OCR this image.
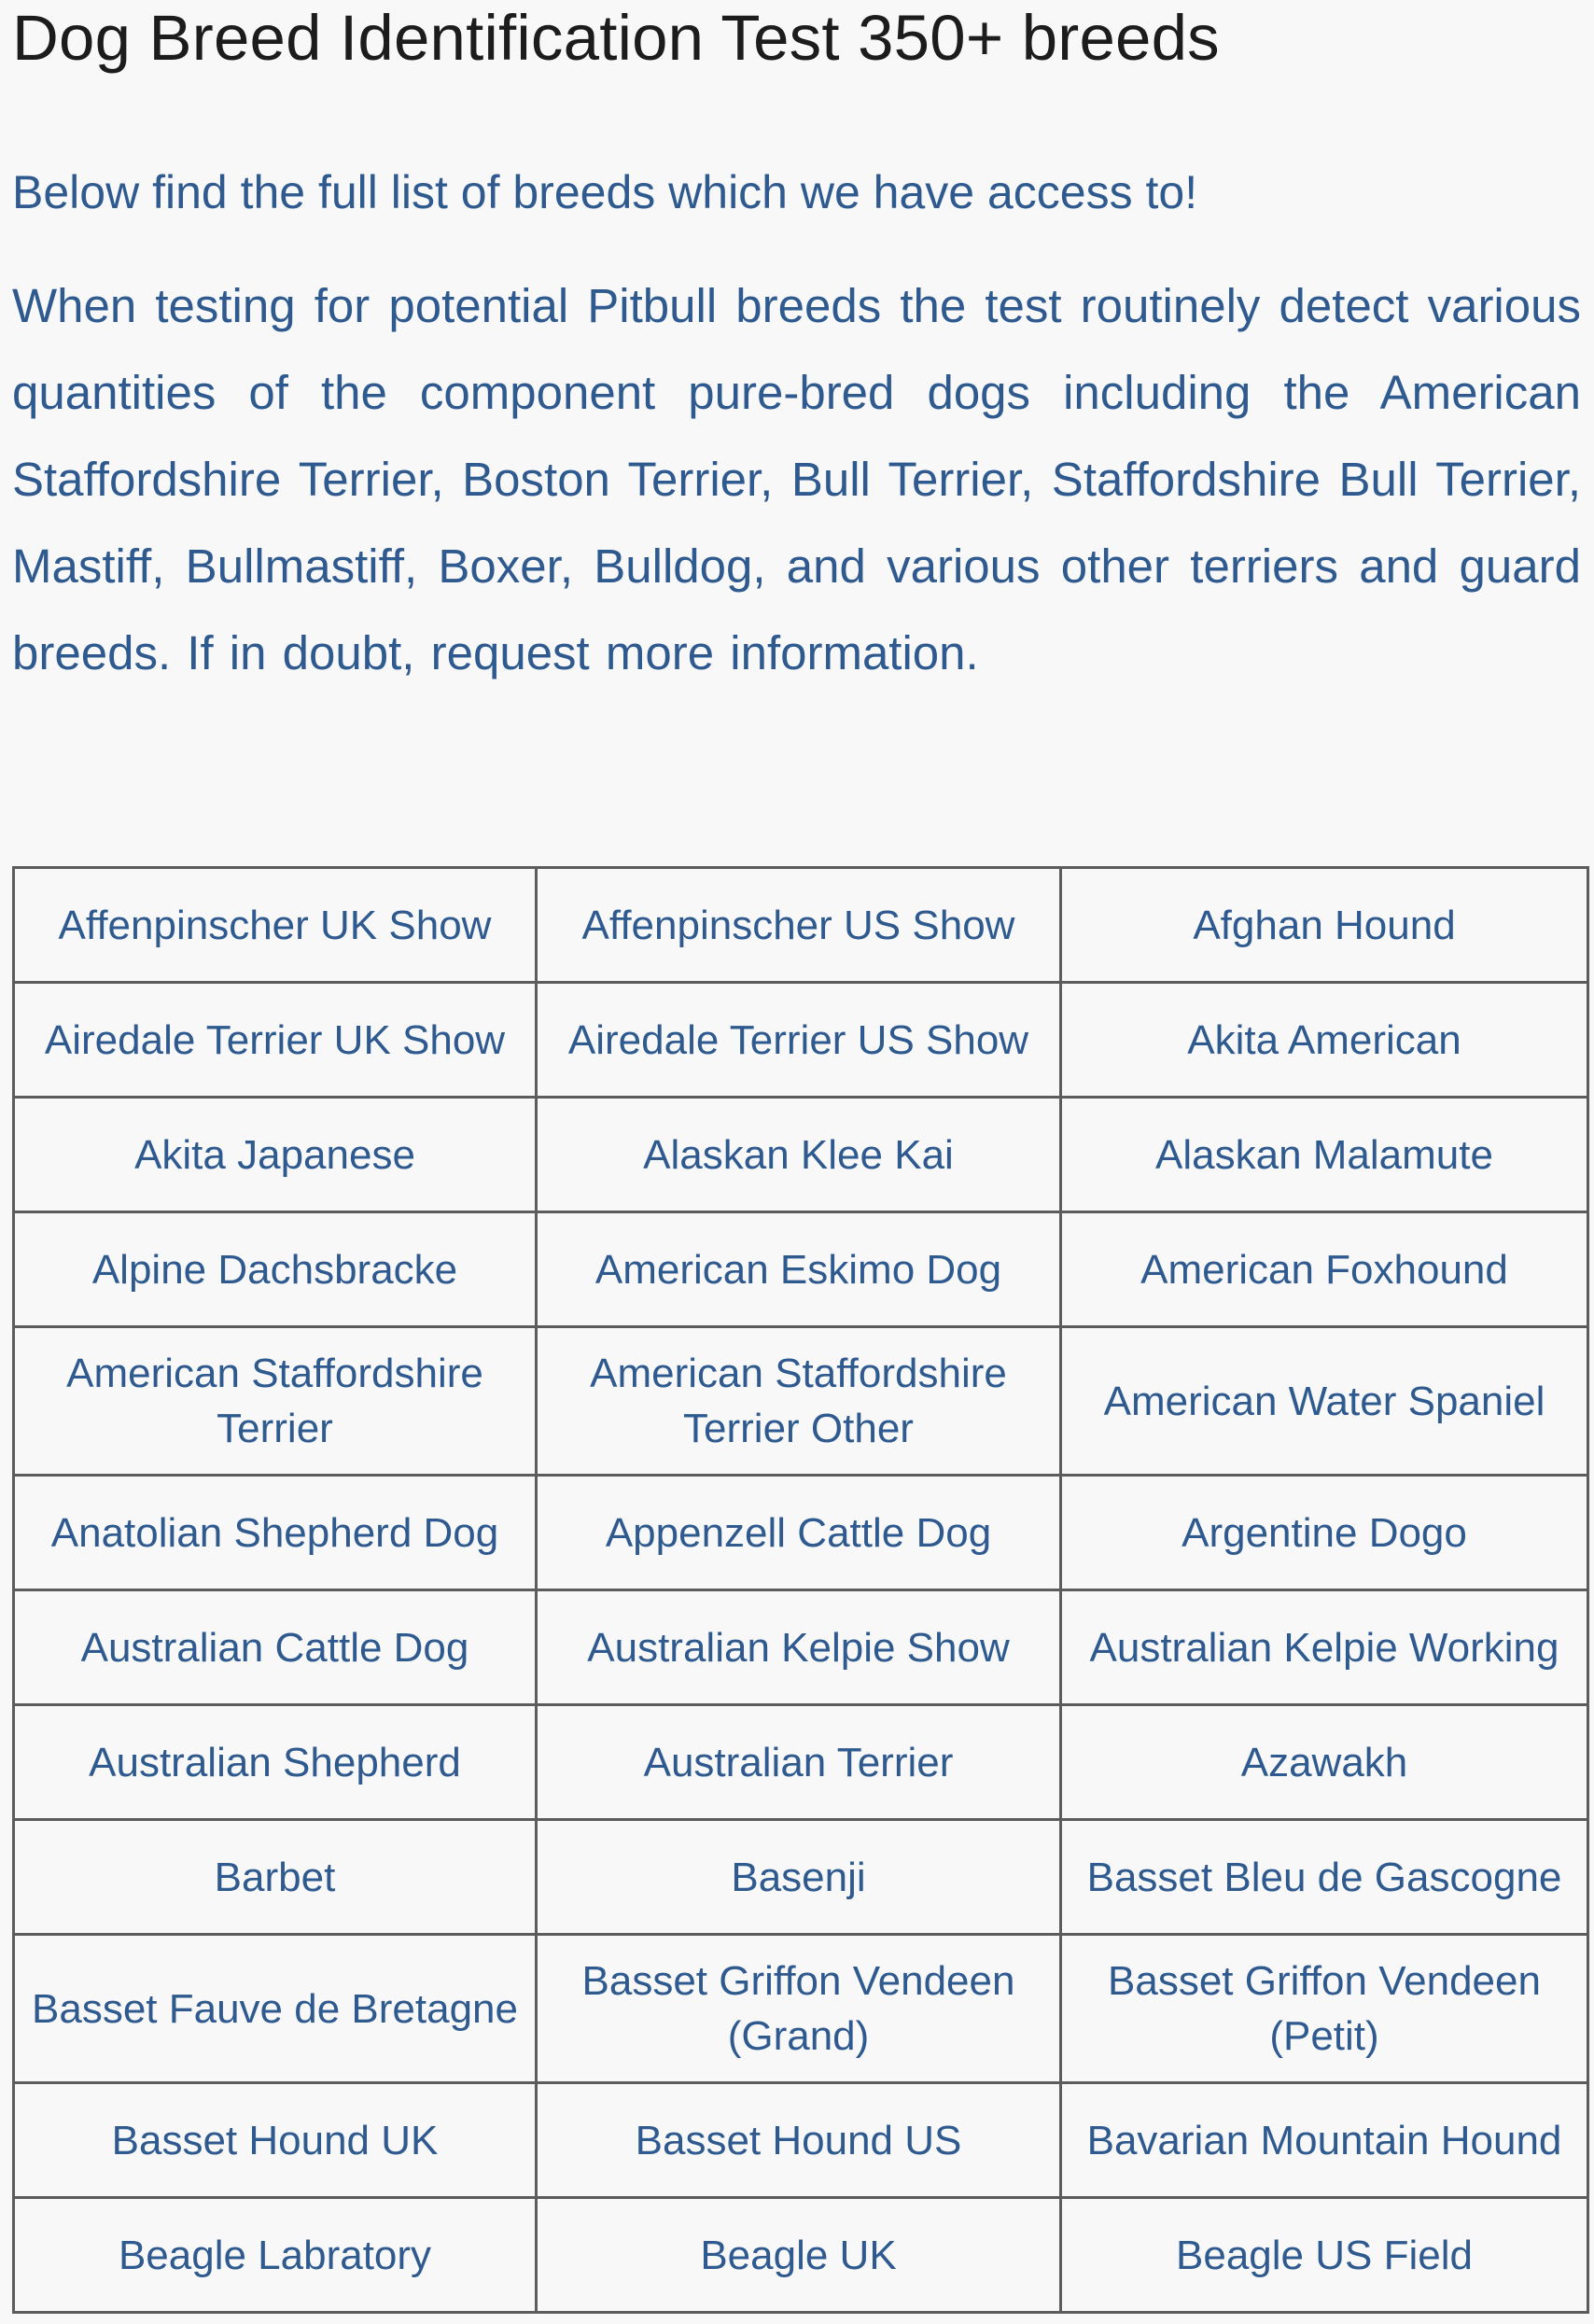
Dog Breed Identification Test 350+ breeds

Below find the full list of breeds which we have access to!

When testing for potential Pitbull breeds the test routinely detect various quantities of the component pure-bred dogs including the American Staffordshire Terrier, Boston Terrier, Bull Terrier, Staffordshire Bull Terrier, Mastiff, Bullmastiff, Boxer, Bulldog, and various other terriers and guard breeds. If in doubt, request more information.

Affenpinscher UK Show	Affenpinscher US Show	Afghan Hound
Airedale Terrier UK Show	Airedale Terrier US Show	Akita American
Akita Japanese	Alaskan Klee Kai	Alaskan Malamute
Alpine Dachsbracke	American Eskimo Dog	American Foxhound
American Staffordshire Terrier	American Staffordshire Terrier Other	American Water Spaniel
Anatolian Shepherd Dog	Appenzell Cattle Dog	Argentine Dogo
Australian Cattle Dog	Australian Kelpie Show	Australian Kelpie Working
Australian Shepherd	Australian Terrier	Azawakh
Barbet	Basenji	Basset Bleu de Gascogne
Basset Fauve de Bretagne	Basset Griffon Vendeen (Grand)	Basset Griffon Vendeen (Petit)
Basset Hound UK	Basset Hound US	Bavarian Mountain Hound
Beagle Labratory	Beagle UK	Beagle US Field
